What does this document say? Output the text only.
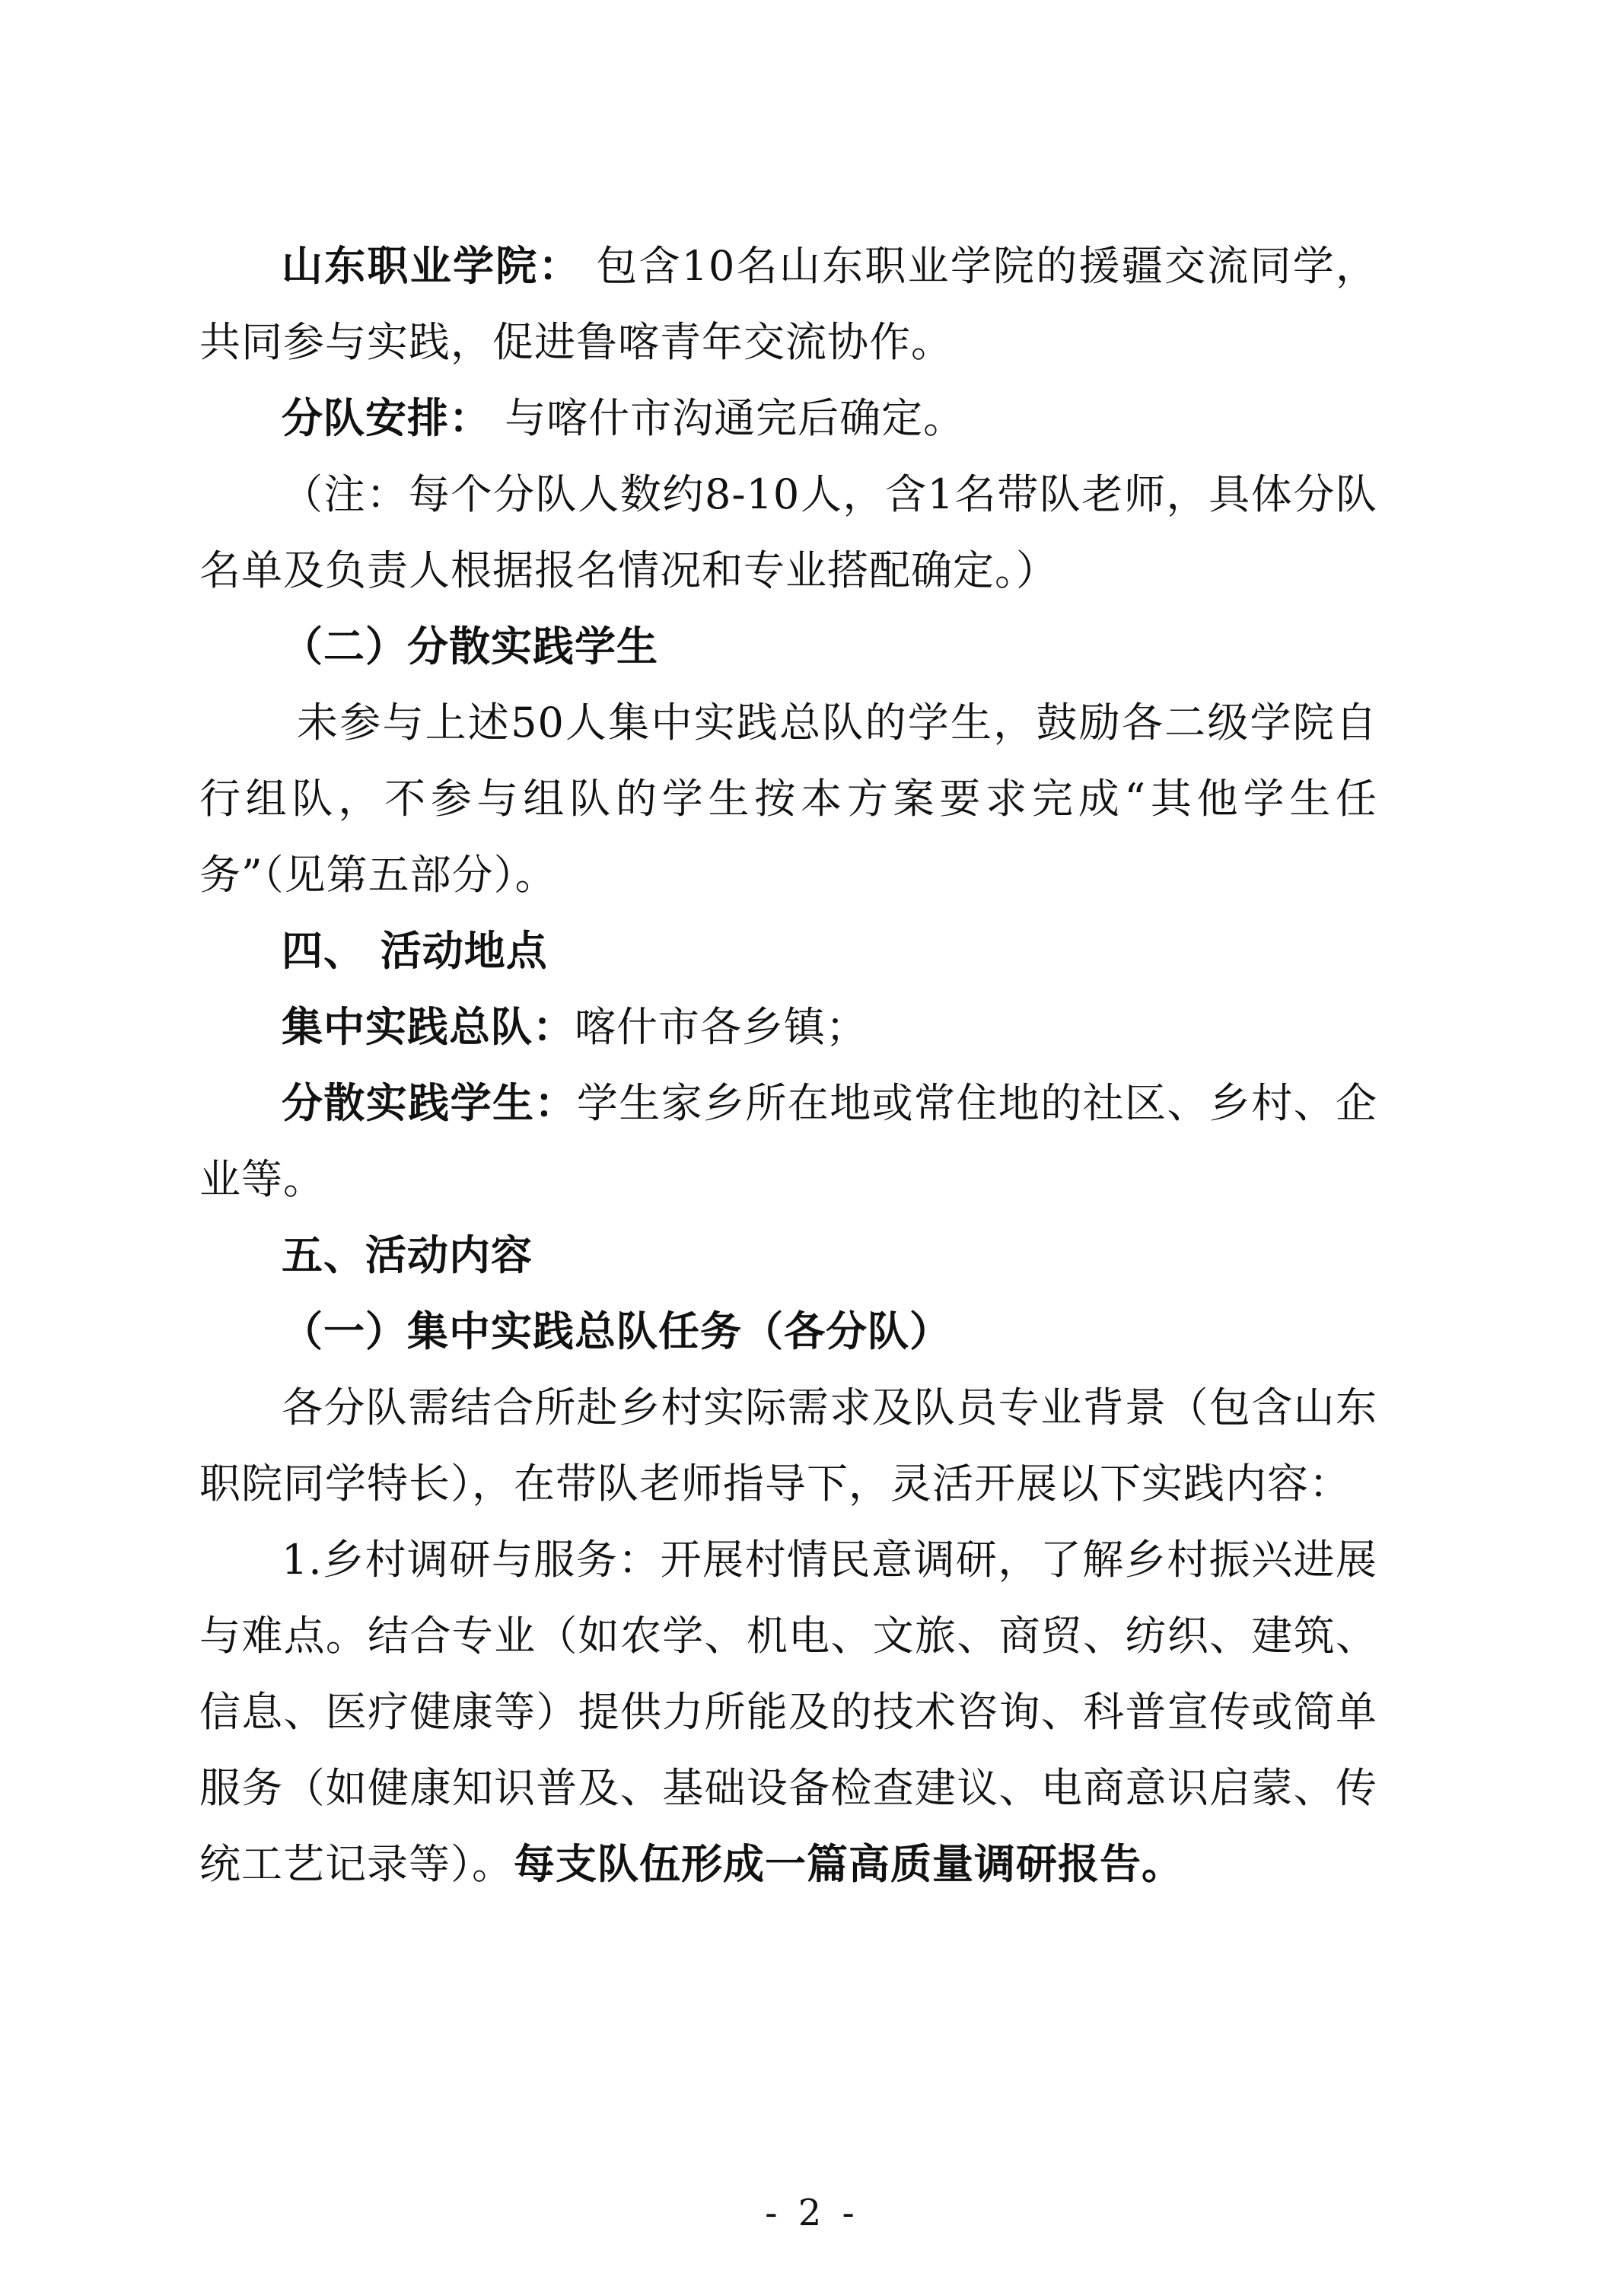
山东职业学院： 包含10名山东职业学院的援疆交流同学，共同参与实践，促进鲁喀青年交流协作。

分队安排： 与喀什市沟通完后确定。

（注：每个分队人数约8-10人，含1名带队老师，具体分队名单及负责人根据报名情况和专业搭配确定。）

（二）分散实践学生

未参与上述50人集中实践总队的学生，鼓励各二级学院自行组队，不参与组队的学生按本方案要求完成“其他学生任务”（见第五部分）。

四、 活动地点

集中实践总队：喀什市各乡镇；

分散实践学生：学生家乡所在地或常住地的社区、乡村、企业等。

五、活动内容

（一）集中实践总队任务（各分队）

各分队需结合所赴乡村实际需求及队员专业背景（包含山东职院同学特长），在带队老师指导下，灵活开展以下实践内容：

1.乡村调研与服务：开展村情民意调研，了解乡村振兴进展与难点。结合专业（如农学、机电、文旅、商贸、纺织、建筑、信息、医疗健康等）提供力所能及的技术咨询、科普宣传或简单服务（如健康知识普及、基础设备检查建议、电商意识启蒙、传统工艺记录等）。每支队伍形成一篇高质量调研报告。

- 2 -
